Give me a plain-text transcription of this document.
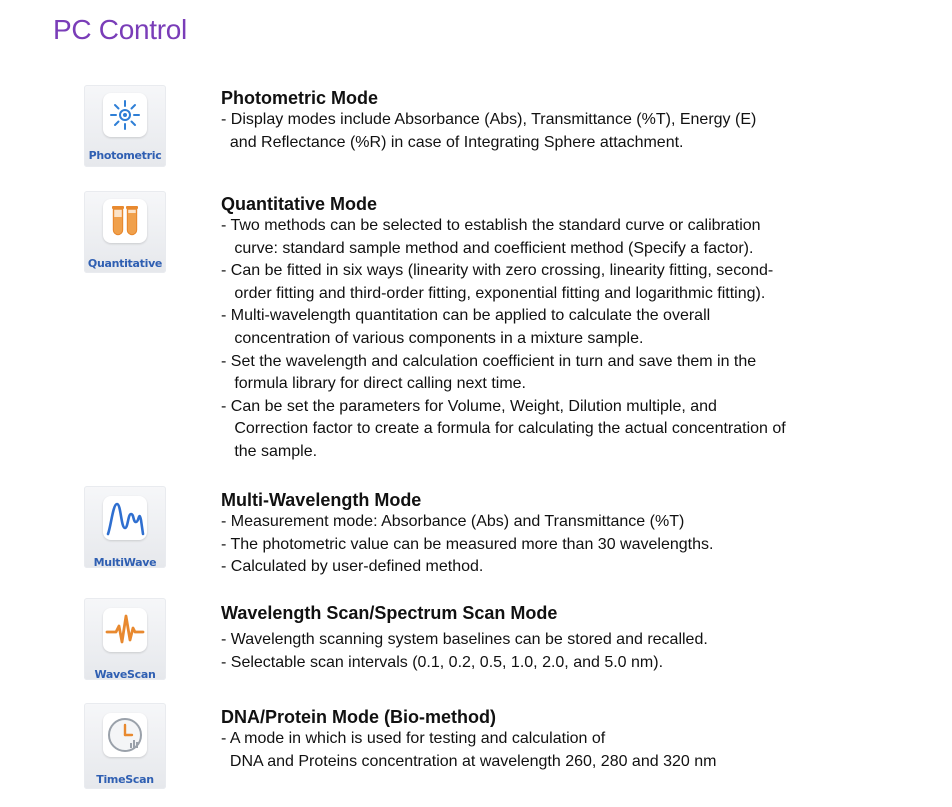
PC Control
Photometric
Photometric Mode

- Display modes include Absorbance (Abs), Transmittance (%T), Energy (E)

and Reflectance (%R) in case of Integrating Sphere attachment.

Quantitative
Quantitative Mode

- Two methods can be selected to establish the standard curve or calibration

curve: standard sample method and coefficient method (Specify a factor).

- Can be fitted in six ways (linearity with zero crossing, linearity fitting, second-

order fitting and third-order fitting, exponential fitting and logarithmic fitting).

- Multi-wavelength quantitation can be applied to calculate the overall

concentration of various components in a mixture sample.

- Set the wavelength and calculation coefficient in turn and save them in the

formula library for direct calling next time.

- Can be set the parameters for Volume, Weight, Dilution multiple, and

Correction factor to create a formula for calculating the actual concentration of

the sample.

MultiWave
Multi-Wavelength Mode

- Measurement mode: Absorbance (Abs) and Transmittance (%T)

- The photometric value can be measured more than 30 wavelengths.

- Calculated by user-defined method.

WaveScan
Wavelength Scan/Spectrum Scan Mode

- Wavelength scanning system baselines can be stored and recalled.

- Selectable scan intervals (0.1, 0.2, 0.5, 1.0, 2.0, and 5.0 nm).

TimeScan
DNA/Protein Mode (Bio-method)

- A mode in which is used for testing and calculation of

DNA and Proteins concentration at wavelength 260, 280 and 320 nm
